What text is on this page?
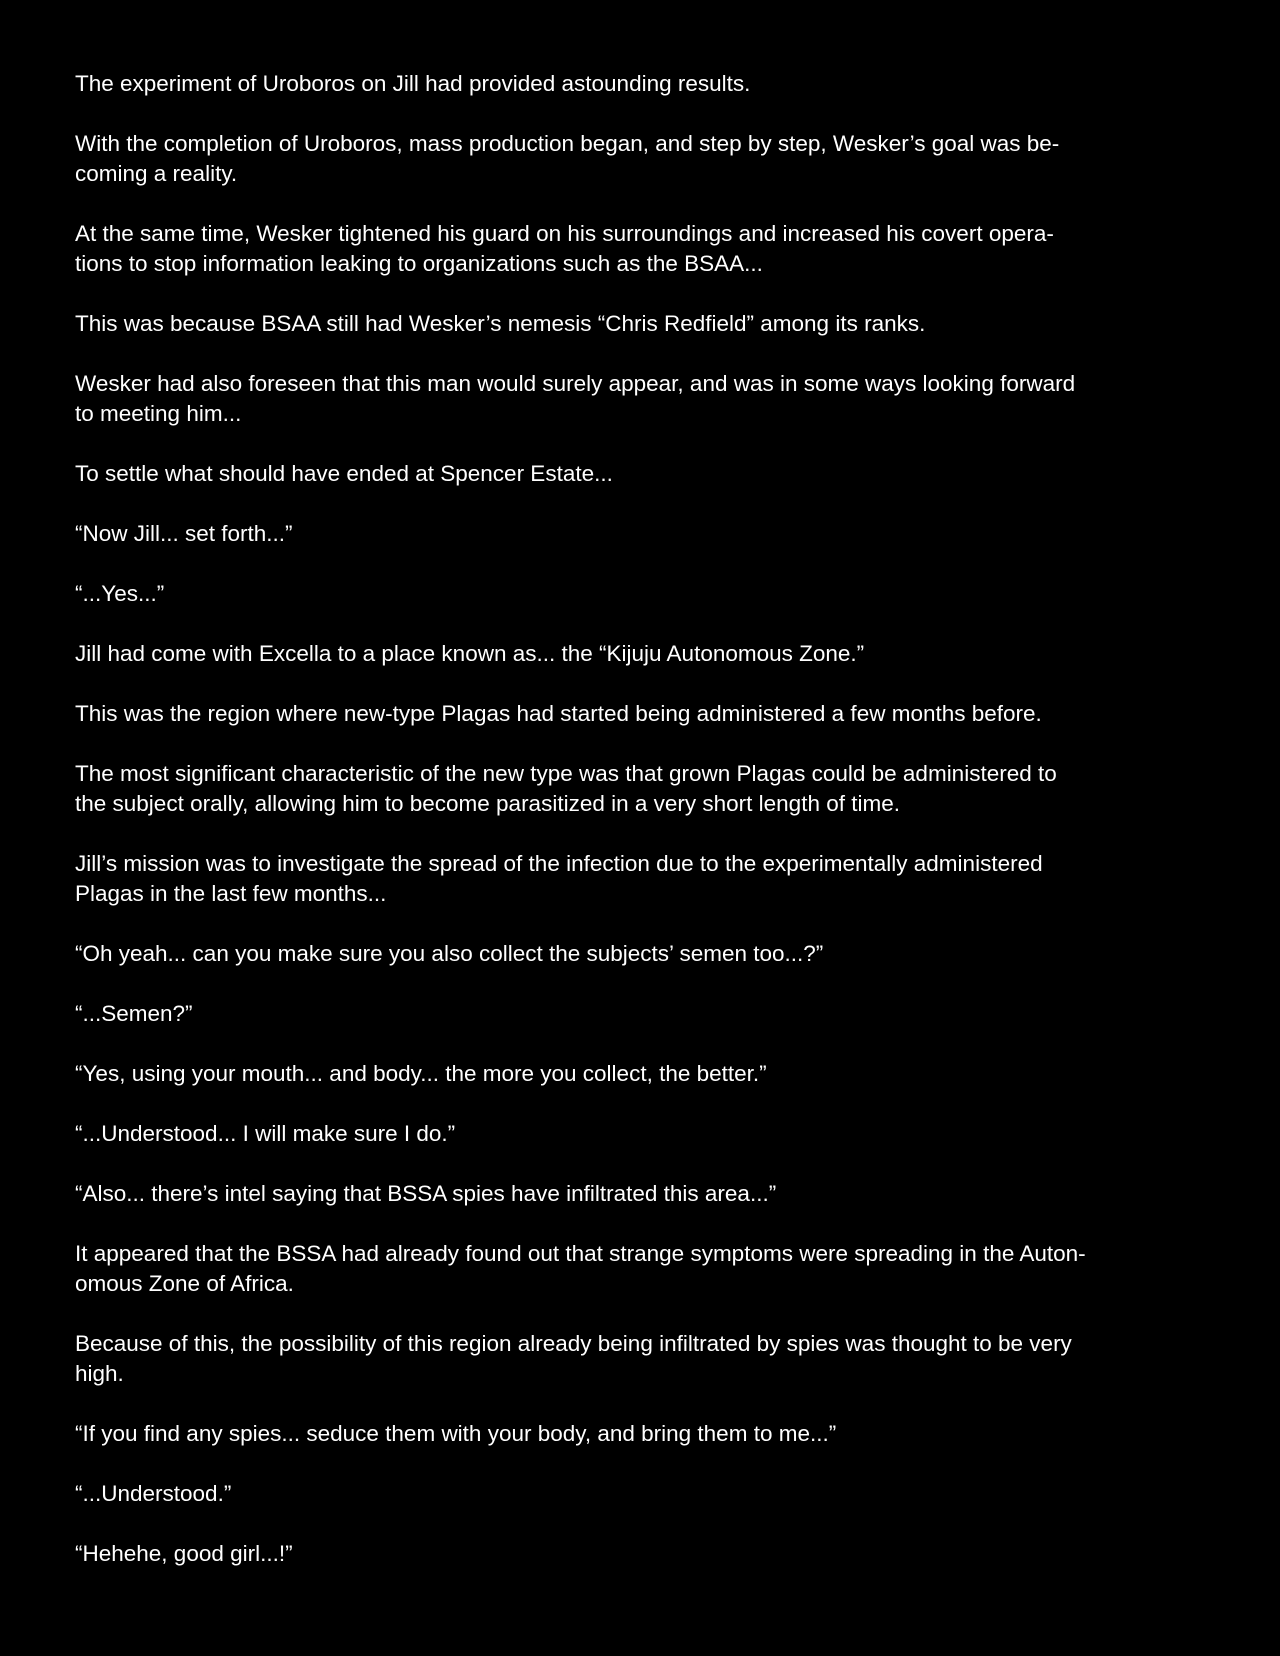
The experiment of Uroboros on Jill had provided astounding results.

With the completion of Uroboros, mass production began, and step by step, Wesker’s goal was be-
coming a reality.

At the same time, Wesker tightened his guard on his surroundings and increased his covert opera-
tions to stop information leaking to organizations such as the BSAA...

This was because BSAA still had Wesker’s nemesis “Chris Redfield” among its ranks.

Wesker had also foreseen that this man would surely appear, and was in some ways looking forward
to meeting him...

To settle what should have ended at Spencer Estate...

“Now Jill... set forth...”

“...Yes...”

Jill had come with Excella to a place known as... the “Kijuju Autonomous Zone.”

This was the region where new-type Plagas had started being administered a few months before.

The most significant characteristic of the new type was that grown Plagas could be administered to
the subject orally, allowing him to become parasitized in a very short length of time.

Jill’s mission was to investigate the spread of the infection due to the experimentally administered
Plagas in the last few months...

“Oh yeah... can you make sure you also collect the subjects’ semen too...?”

“...Semen?”

“Yes, using your mouth... and body... the more you collect, the better.”

“...Understood... I will make sure I do.”

“Also... there’s intel saying that BSSA spies have infiltrated this area...”

It appeared that the BSSA had already found out that strange symptoms were spreading in the Auton-
omous Zone of Africa.

Because of this, the possibility of this region already being infiltrated by spies was thought to be very
high.

“If you find any spies... seduce them with your body, and bring them to me...”

“...Understood.”

“Hehehe, good girl...!”
